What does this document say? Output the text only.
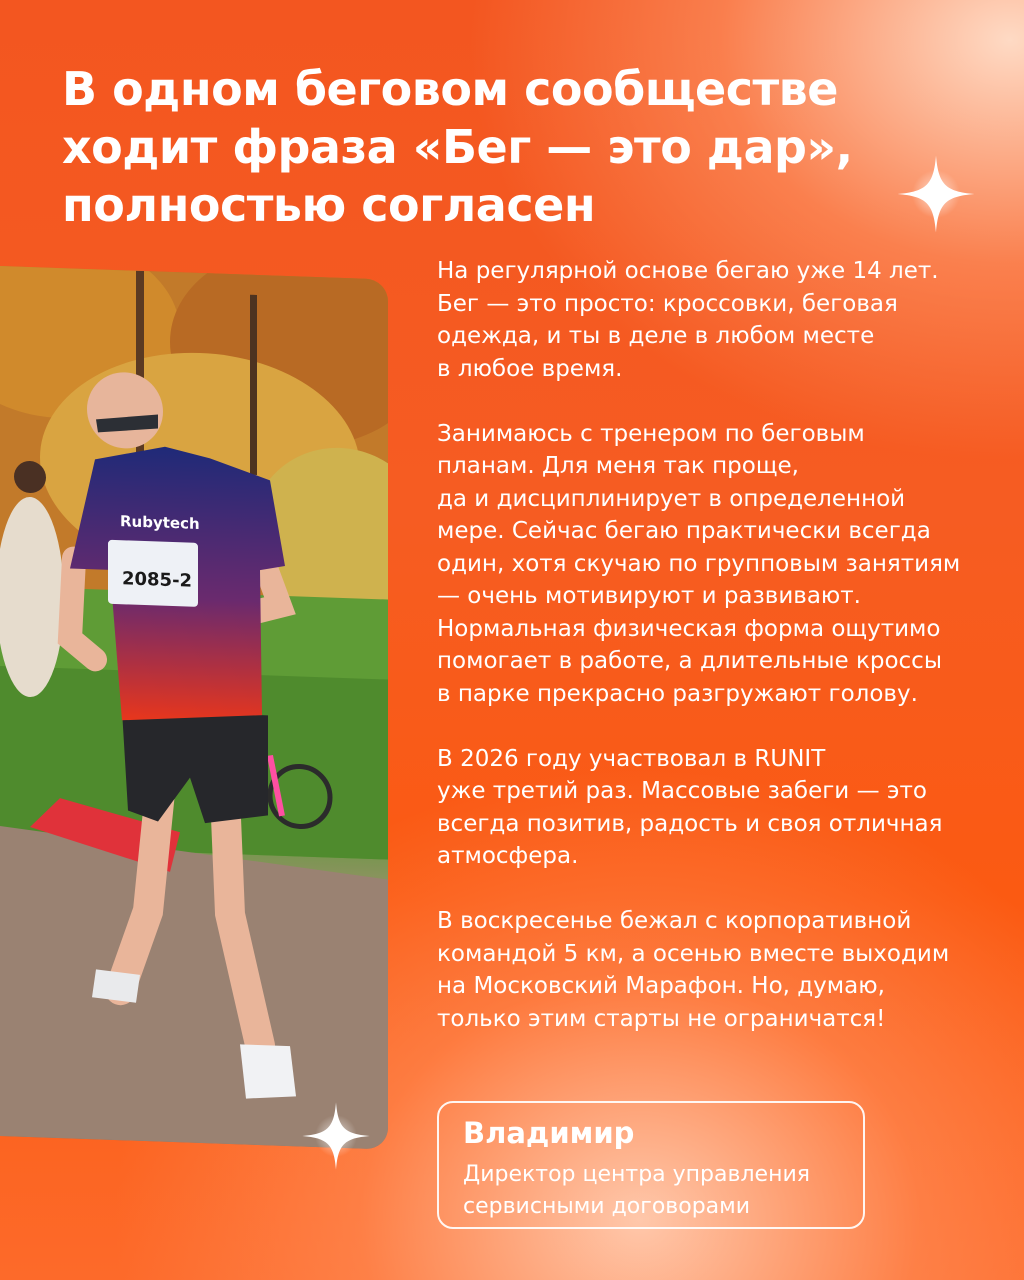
В одном беговом сообществе
ходит фраза «Бег — это дар»,
полностью согласен
2085-2
Rubytech

На регулярной основе бегаю уже 14 лет.
Бег — это просто: кроссовки, беговая
одежда, и ты в деле в любом месте
в любое время.

Занимаюсь с тренером по беговым
планам. Для меня так проще,
да и дисциплинирует в определенной
мере. Сейчас бегаю практически всегда
один, хотя скучаю по групповым занятиям
— очень мотивируют и развивают.
Нормальная физическая форма ощутимо
помогает в работе, а длительные кроссы
в парке прекрасно разгружают голову.

В 2026 году участвовал в RUNIT
уже третий раз. Массовые забеги — это
всегда позитив, радость и своя отличная
атмосфера.

В воскресенье бежал с корпоративной
командой 5 км, а осенью вместе выходим
на Московский Марафон. Но, думаю,
только этим старты не ограничатся!

Владимир
Директор центра управления
сервисными договорами
